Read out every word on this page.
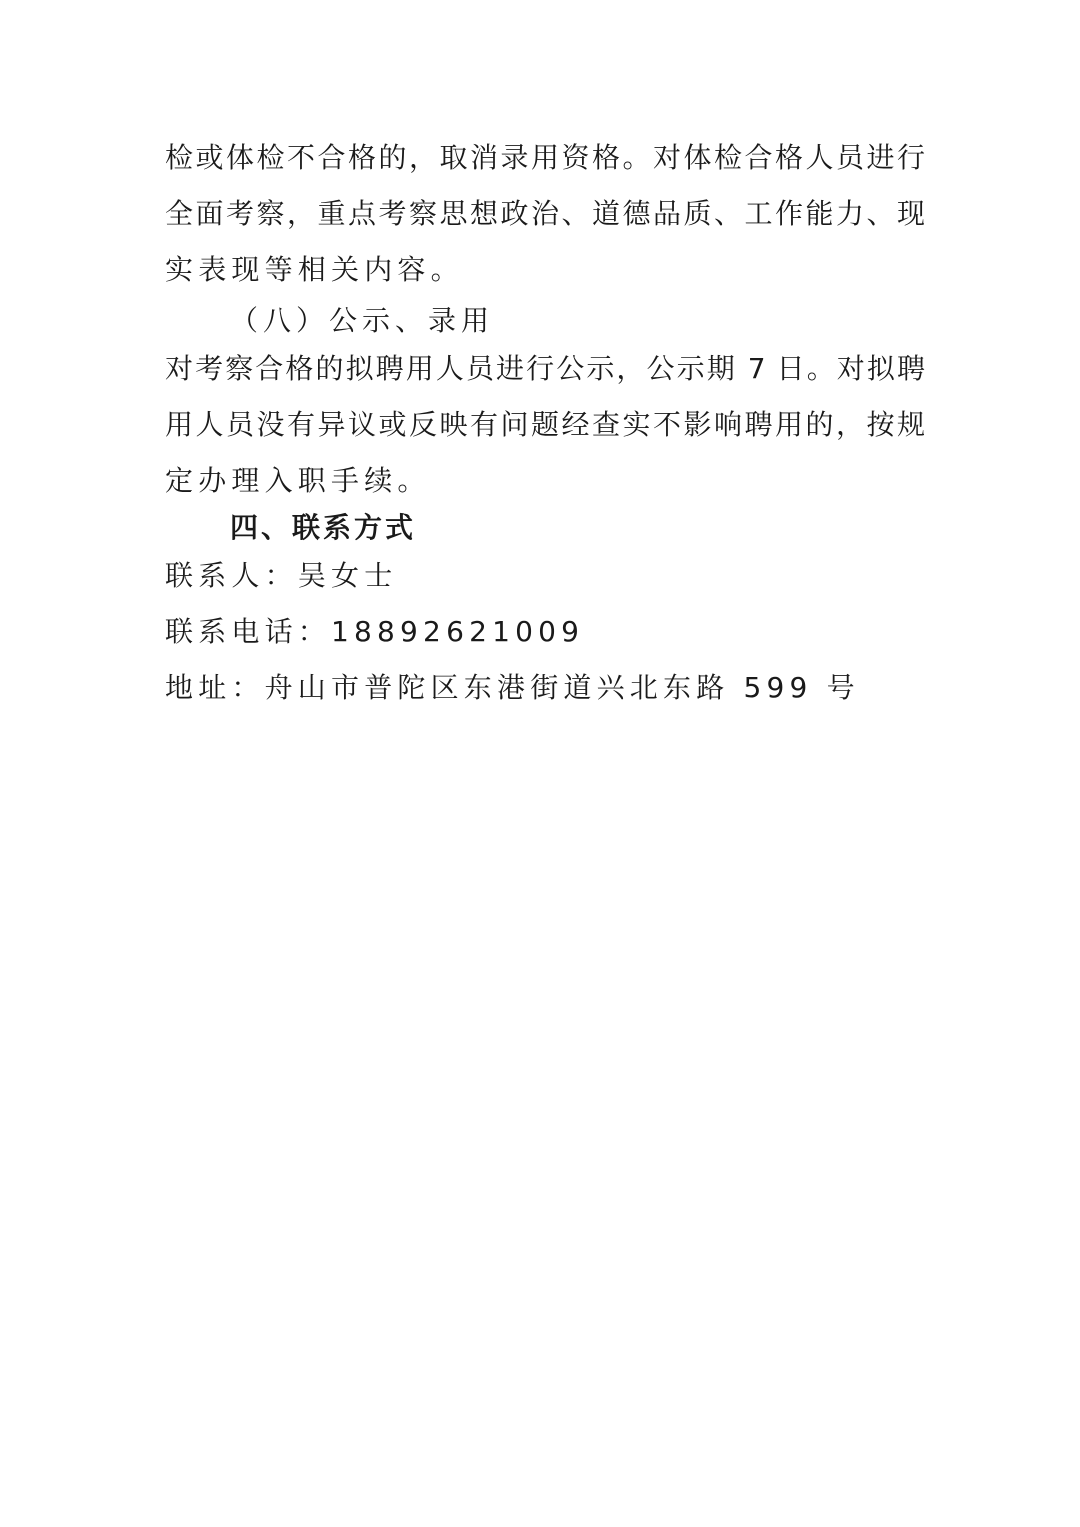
检或体检不合格的，取消录用资格。对体检合格人员进行
全面考察，重点考察思想政治、道德品质、工作能力、现
实表现等相关内容。
（八）公示、录用
对考察合格的拟聘用人员进行公示，公示期 7 日。对拟聘
用人员没有异议或反映有问题经查实不影响聘用的，按规
定办理入职手续。
四、联系方式
联系人：吴女士
联系电话：18892621009
地址：舟山市普陀区东港街道兴北东路 599 号
